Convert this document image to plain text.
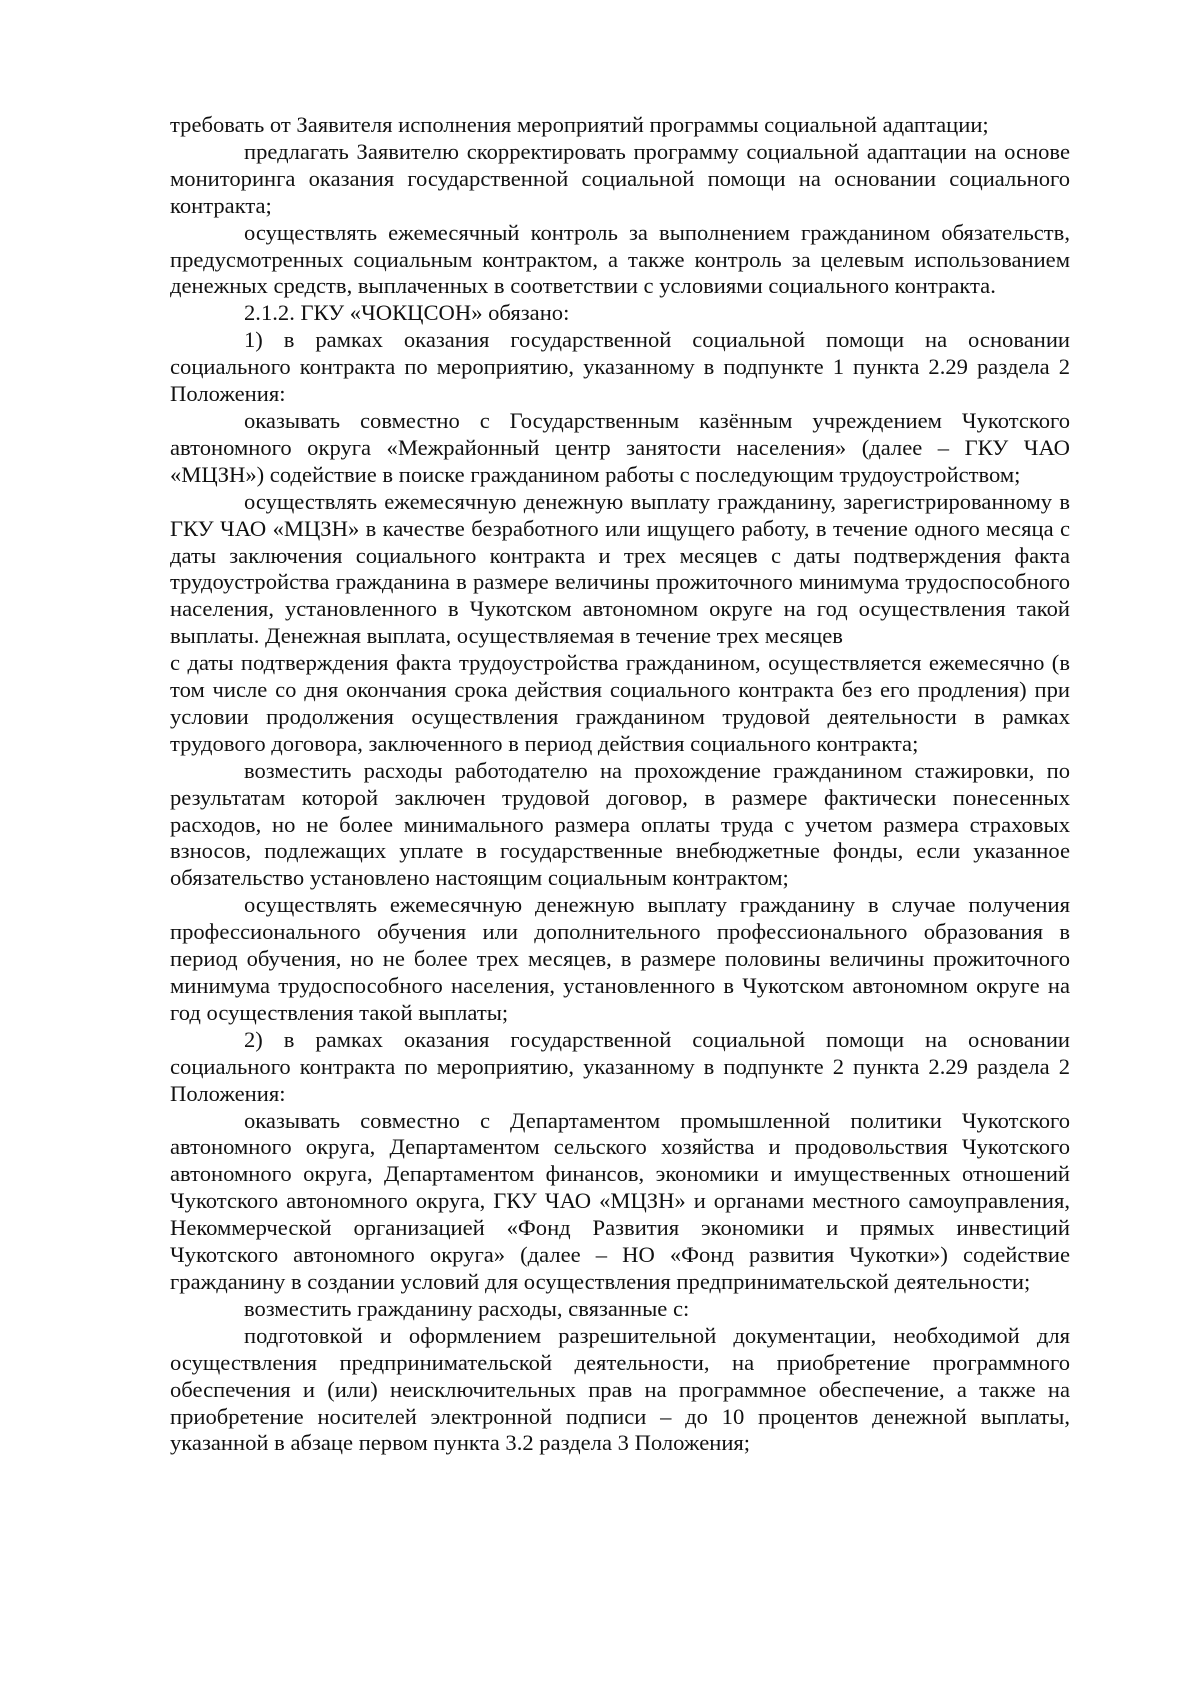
требовать от Заявителя исполнения мероприятий программы социальной адаптации;

предлагать Заявителю скорректировать программу социальной адаптации на основе мониторинга оказания государственной социальной помощи на основании социального контракта;

осуществлять ежемесячный контроль за выполнением гражданином обязательств, предусмотренных социальным контрактом, а также контроль за целевым использованием денежных средств, выплаченных в соответствии с условиями социального контракта.

2.1.2. ГКУ «ЧОКЦСОН» обязано:

1) в рамках оказания государственной социальной помощи на основании социального контракта по мероприятию, указанному в подпункте 1 пункта 2.29 раздела 2 Положения:

оказывать совместно с Государственным казённым учреждением Чукотского автономного округа «Межрайонный центр занятости населения» (далее – ГКУ ЧАО «МЦЗН») содействие в поиске гражданином работы с последующим трудоустройством;

осуществлять ежемесячную денежную выплату гражданину, зарегистрированному в ГКУ ЧАО «МЦЗН» в качестве безработного или ищущего работу, в течение одного месяца с даты заключения социального контракта и трех месяцев с даты подтверждения факта трудоустройства гражданина в размере величины прожиточного минимума трудоспособного населения, установленного в Чукотском автономном округе на год осуществления такой выплаты. Денежная выплата, осуществляемая в течение трех месяцев

с даты подтверждения факта трудоустройства гражданином, осуществляется ежемесячно (в том числе со дня окончания срока действия социального контракта без его продления) при условии продолжения осуществления гражданином трудовой деятельности в рамках трудового договора, заключенного в период действия социального контракта;

возместить расходы работодателю на прохождение гражданином стажировки, по результатам которой заключен трудовой договор, в размере фактически понесенных расходов, но не более минимального размера оплаты труда с учетом размера страховых взносов, подлежащих уплате в государственные внебюджетные фонды, если указанное обязательство установлено настоящим социальным контрактом;

осуществлять ежемесячную денежную выплату гражданину в случае получения профессионального обучения или дополнительного профессионального образования в период обучения, но не более трех месяцев, в размере половины величины прожиточного минимума трудоспособного населения, установленного в Чукотском автономном округе на год осуществления такой выплаты;

2) в рамках оказания государственной социальной помощи на основании социального контракта по мероприятию, указанному в подпункте 2 пункта 2.29 раздела 2 Положения:

оказывать совместно с Департаментом промышленной политики Чукотского автономного округа, Департаментом сельского хозяйства и продовольствия Чукотского автономного округа, Департаментом финансов, экономики и имущественных отношений Чукотского автономного округа, ГКУ ЧАО «МЦЗН» и органами местного самоуправления, Некоммерческой организацией «Фонд Развития экономики и прямых инвестиций Чукотского автономного округа» (далее – НО «Фонд развития Чукотки») содействие гражданину в создании условий для осуществления предпринимательской деятельности;

возместить гражданину расходы, связанные с:

подготовкой и оформлением разрешительной документации, необходимой для осуществления предпринимательской деятельности, на приобретение программного обеспечения и (или) неисключительных прав на программное обеспечение, а также на приобретение носителей электронной подписи – до 10 процентов денежной выплаты, указанной в абзаце первом пункта 3.2 раздела 3 Положения;
